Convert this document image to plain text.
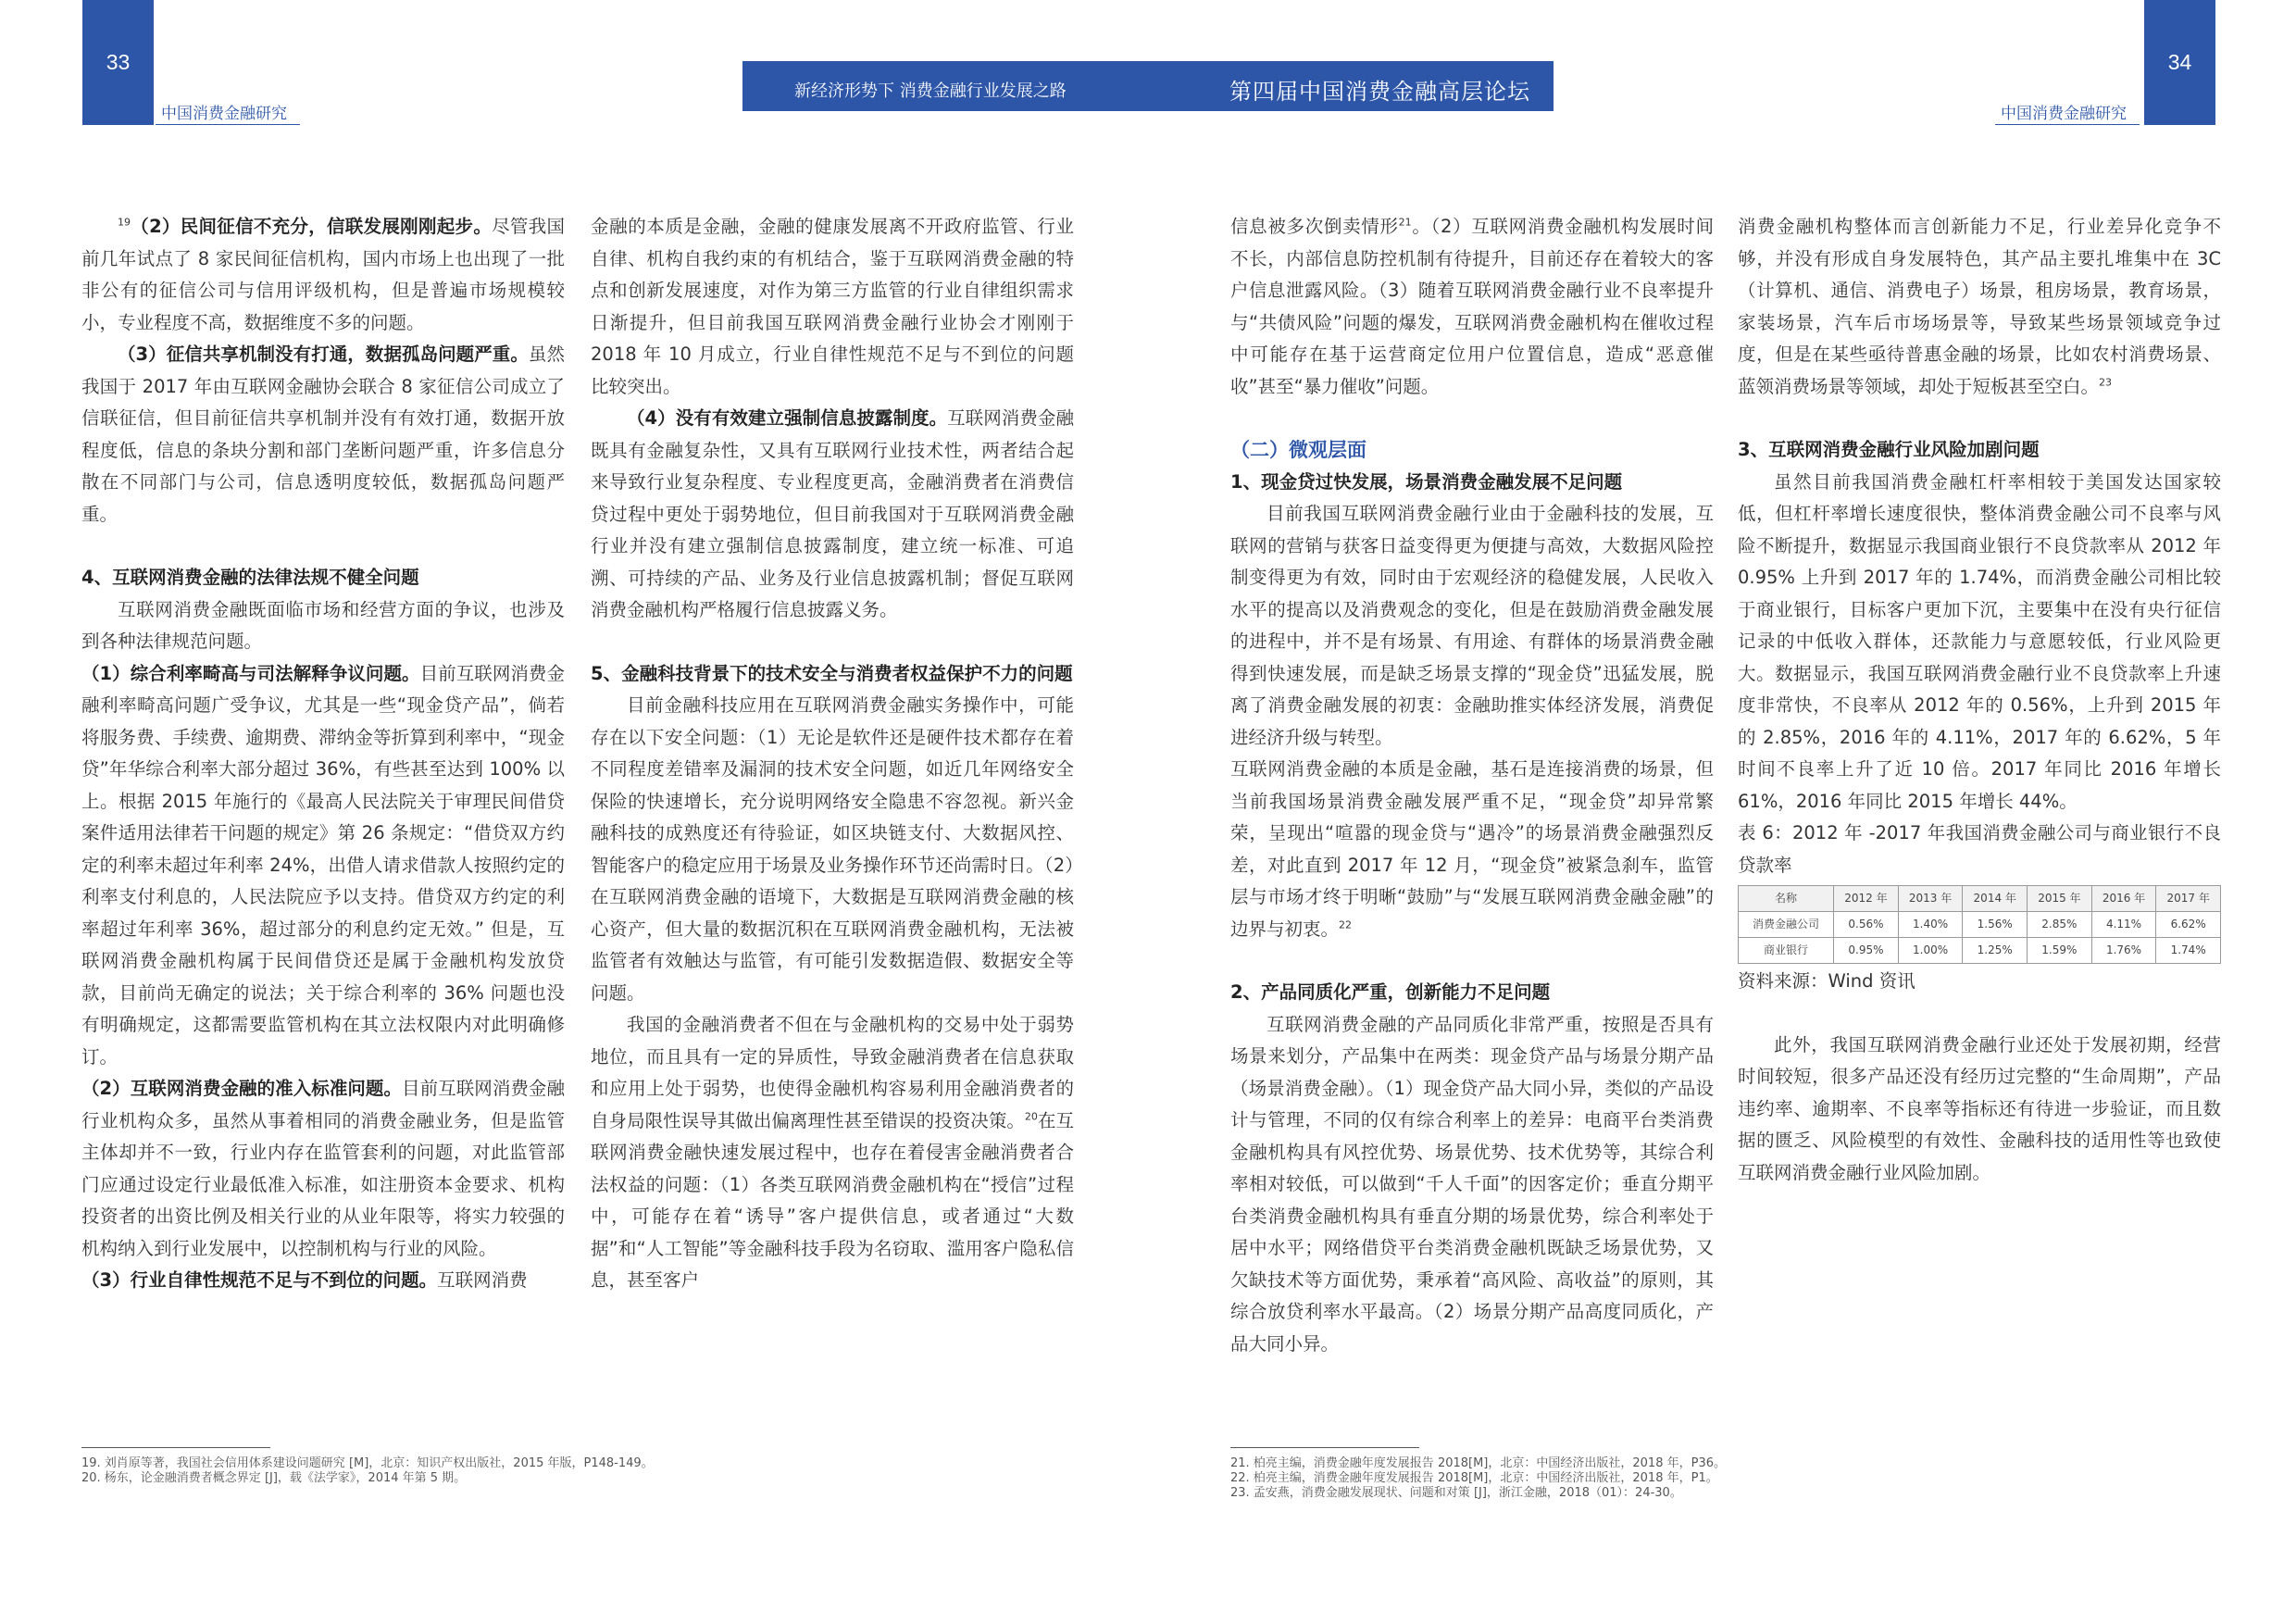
33	34
中国消费金融研究	中国消费金融研究
新经济形势下 消费金融行业发展之路	第四届中国消费金融高层论坛

$^{19}$（2）民间征信不充分，信联发展刚刚起步。尽管我国前几年试点了 8 家民间征信机构，国内市场上也出现了一批非公有的征信公司与信用评级机构，但是普遍市场规模较小，专业程度不高，数据维度不多的问题。

（3）征信共享机制没有打通，数据孤岛问题严重。虽然我国于 2017 年由互联网金融协会联合 8 家征信公司成立了信联征信，但目前征信共享机制并没有有效打通，数据开放程度低，信息的条块分割和部门垄断问题严重，许多信息分散在不同部门与公司，信息透明度较低，数据孤岛问题严重。

4、互联网消费金融的法律法规不健全问题

互联网消费金融既面临市场和经营方面的争议，也涉及到各种法律规范问题。

（1）综合利率畸高与司法解释争议问题。目前互联网消费金融利率畸高问题广受争议，尤其是一些“现金贷产品”，倘若将服务费、手续费、逾期费、滞纳金等折算到利率中，“现金贷”年华综合利率大部分超过 36%，有些甚至达到 100% 以上。根据 2015 年施行的《最高人民法院关于审理民间借贷案件适用法律若干问题的规定》第 26 条规定：“借贷双方约定的利率未超过年利率 24%，出借人请求借款人按照约定的利率支付利息的，人民法院应予以支持。借贷双方约定的利率超过年利率 36%，超过部分的利息约定无效。” 但是，互联网消费金融机构属于民间借贷还是属于金融机构发放贷款，目前尚无确定的说法；关于综合利率的 36% 问题也没有明确规定，这都需要监管机构在其立法权限内对此明确修订。

（2）互联网消费金融的准入标准问题。目前互联网消费金融行业机构众多，虽然从事着相同的消费金融业务，但是监管主体却并不一致，行业内存在监管套利的问题，对此监管部门应通过设定行业最低准入标准，如注册资本金要求、机构投资者的出资比例及相关行业的从业年限等，将实力较强的机构纳入到行业发展中，以控制机构与行业的风险。

（3）行业自律性规范不足与不到位的问题。互联网消费

金融的本质是金融，金融的健康发展离不开政府监管、行业自律、机构自我约束的有机结合，鉴于互联网消费金融的特点和创新发展速度，对作为第三方监管的行业自律组织需求日渐提升，但目前我国互联网消费金融行业协会才刚刚于 2018 年 10 月成立，行业自律性规范不足与不到位的问题比较突出。

（4）没有有效建立强制信息披露制度。互联网消费金融既具有金融复杂性，又具有互联网行业技术性，两者结合起来导致行业复杂程度、专业程度更高，金融消费者在消费信贷过程中更处于弱势地位，但目前我国对于互联网消费金融行业并没有建立强制信息披露制度，建立统一标准、可追溯、可持续的产品、业务及行业信息披露机制；督促互联网消费金融机构严格履行信息披露义务。

5、金融科技背景下的技术安全与消费者权益保护不力的问题

目前金融科技应用在互联网消费金融实务操作中，可能存在以下安全问题：（1）无论是软件还是硬件技术都存在着不同程度差错率及漏洞的技术安全问题，如近几年网络安全保险的快速增长，充分说明网络安全隐患不容忽视。新兴金融科技的成熟度还有待验证，如区块链支付、大数据风控、智能客户的稳定应用于场景及业务操作环节还尚需时日。（2）在互联网消费金融的语境下，大数据是互联网消费金融的核心资产，但大量的数据沉积在互联网消费金融机构，无法被监管者有效触达与监管，有可能引发数据造假、数据安全等问题。

我国的金融消费者不但在与金融机构的交易中处于弱势地位，而且具有一定的异质性，导致金融消费者在信息获取和应用上处于弱势，也使得金融机构容易利用金融消费者的自身局限性误导其做出偏离理性甚至错误的投资决策。$^{20}$在互联网消费金融快速发展过程中，也存在着侵害金融消费者合法权益的问题：（1）各类互联网消费金融机构在“授信”过程中，可能存在着“诱导”客户提供信息，或者通过“大数据”和“人工智能”等金融科技手段为名窃取、滥用客户隐私信息，甚至客户

信息被多次倒卖情形$^{21}$。（2）互联网消费金融机构发展时间不长，内部信息防控机制有待提升，目前还存在着较大的客户信息泄露风险。（3）随着互联网消费金融行业不良率提升与“共债风险”问题的爆发，互联网消费金融机构在催收过程中可能存在基于运营商定位用户位置信息，造成“恶意催收”甚至“暴力催收”问题。

（二）微观层面

1、现金贷过快发展，场景消费金融发展不足问题

目前我国互联网消费金融行业由于金融科技的发展，互联网的营销与获客日益变得更为便捷与高效，大数据风险控制变得更为有效，同时由于宏观经济的稳健发展，人民收入水平的提高以及消费观念的变化，但是在鼓励消费金融发展的进程中，并不是有场景、有用途、有群体的场景消费金融得到快速发展，而是缺乏场景支撑的“现金贷”迅猛发展，脱离了消费金融发展的初衷：金融助推实体经济发展，消费促进经济升级与转型。

互联网消费金融的本质是金融，基石是连接消费的场景，但当前我国场景消费金融发展严重不足，“现金贷”却异常繁荣，呈现出“喧嚣的现金贷与“遇冷”的场景消费金融强烈反差，对此直到 2017 年 12 月，“现金贷”被紧急刹车，监管层与市场才终于明晰“鼓励”与“发展互联网消费金融金融”的边界与初衷。$^{22}$

2、产品同质化严重，创新能力不足问题

互联网消费金融的产品同质化非常严重，按照是否具有场景来划分，产品集中在两类：现金贷产品与场景分期产品（场景消费金融）。（1）现金贷产品大同小异，类似的产品设计与管理，不同的仅有综合利率上的差异：电商平台类消费金融机构具有风控优势、场景优势、技术优势等，其综合利率相对较低，可以做到“千人千面”的因客定价；垂直分期平台类消费金融机构具有垂直分期的场景优势，综合利率处于居中水平；网络借贷平台类消费金融机既缺乏场景优势，又欠缺技术等方面优势，秉承着“高风险、高收益”的原则，其综合放贷利率水平最高。（2）场景分期产品高度同质化，产品大同小异。

消费金融机构整体而言创新能力不足，行业差异化竞争不够，并没有形成自身发展特色，其产品主要扎堆集中在 3C（计算机、通信、消费电子）场景，租房场景，教育场景，家装场景，汽车后市场场景等，导致某些场景领域竞争过度，但是在某些亟待普惠金融的场景，比如农村消费场景、蓝领消费场景等领域，却处于短板甚至空白。$^{23}$

3、互联网消费金融行业风险加剧问题

虽然目前我国消费金融杠杆率相较于美国发达国家较低，但杠杆率增长速度很快，整体消费金融公司不良率与风险不断提升，数据显示我国商业银行不良贷款率从 2012 年 0.95% 上升到 2017 年的 1.74%，而消费金融公司相比较于商业银行，目标客户更加下沉，主要集中在没有央行征信记录的中低收入群体，还款能力与意愿较低，行业风险更大。数据显示，我国互联网消费金融行业不良贷款率上升速度非常快，不良率从 2012 年的 0.56%，上升到 2015 年的 2.85%，2016 年的 4.11%，2017 年的 6.62%，5 年时间不良率上升了近 10 倍。2017 年同比 2016 年增长 61%，2016 年同比 2015 年增长 44%。

表 6：2012 年 -2017 年我国消费金融公司与商业银行不良贷款率

名称	2012 年	2013 年	2014 年	2015 年	2016 年	2017 年
消费金融公司	0.56%	1.40%	1.56%	2.85%	4.11%	6.62%
商业银行	0.95%	1.00%	1.25%	1.59%	1.76%	1.74%

资料来源：Wind 资讯

此外，我国互联网消费金融行业还处于发展初期，经营时间较短，很多产品还没有经历过完整的“生命周期”，产品违约率、逾期率、不良率等指标还有待进一步验证，而且数据的匮乏、风险模型的有效性、金融科技的适用性等也致使互联网消费金融行业风险加剧。

19. 刘肖原等著，我国社会信用体系建设问题研究 [M]，北京：知识产权出版社，2015 年版，P148-149。
20. 杨东，论金融消费者概念界定 [J]，载《法学家》，2014 年第 5 期。
21. 柏亮主编，消费金融年度发展报告 2018[M]，北京：中国经济出版社，2018 年，P36。
22. 柏亮主编，消费金融年度发展报告 2018[M]，北京：中国经济出版社，2018 年，P1。
23. 孟安燕，消费金融发展现状、问题和对策 [J]，浙江金融，2018（01）：24-30。
